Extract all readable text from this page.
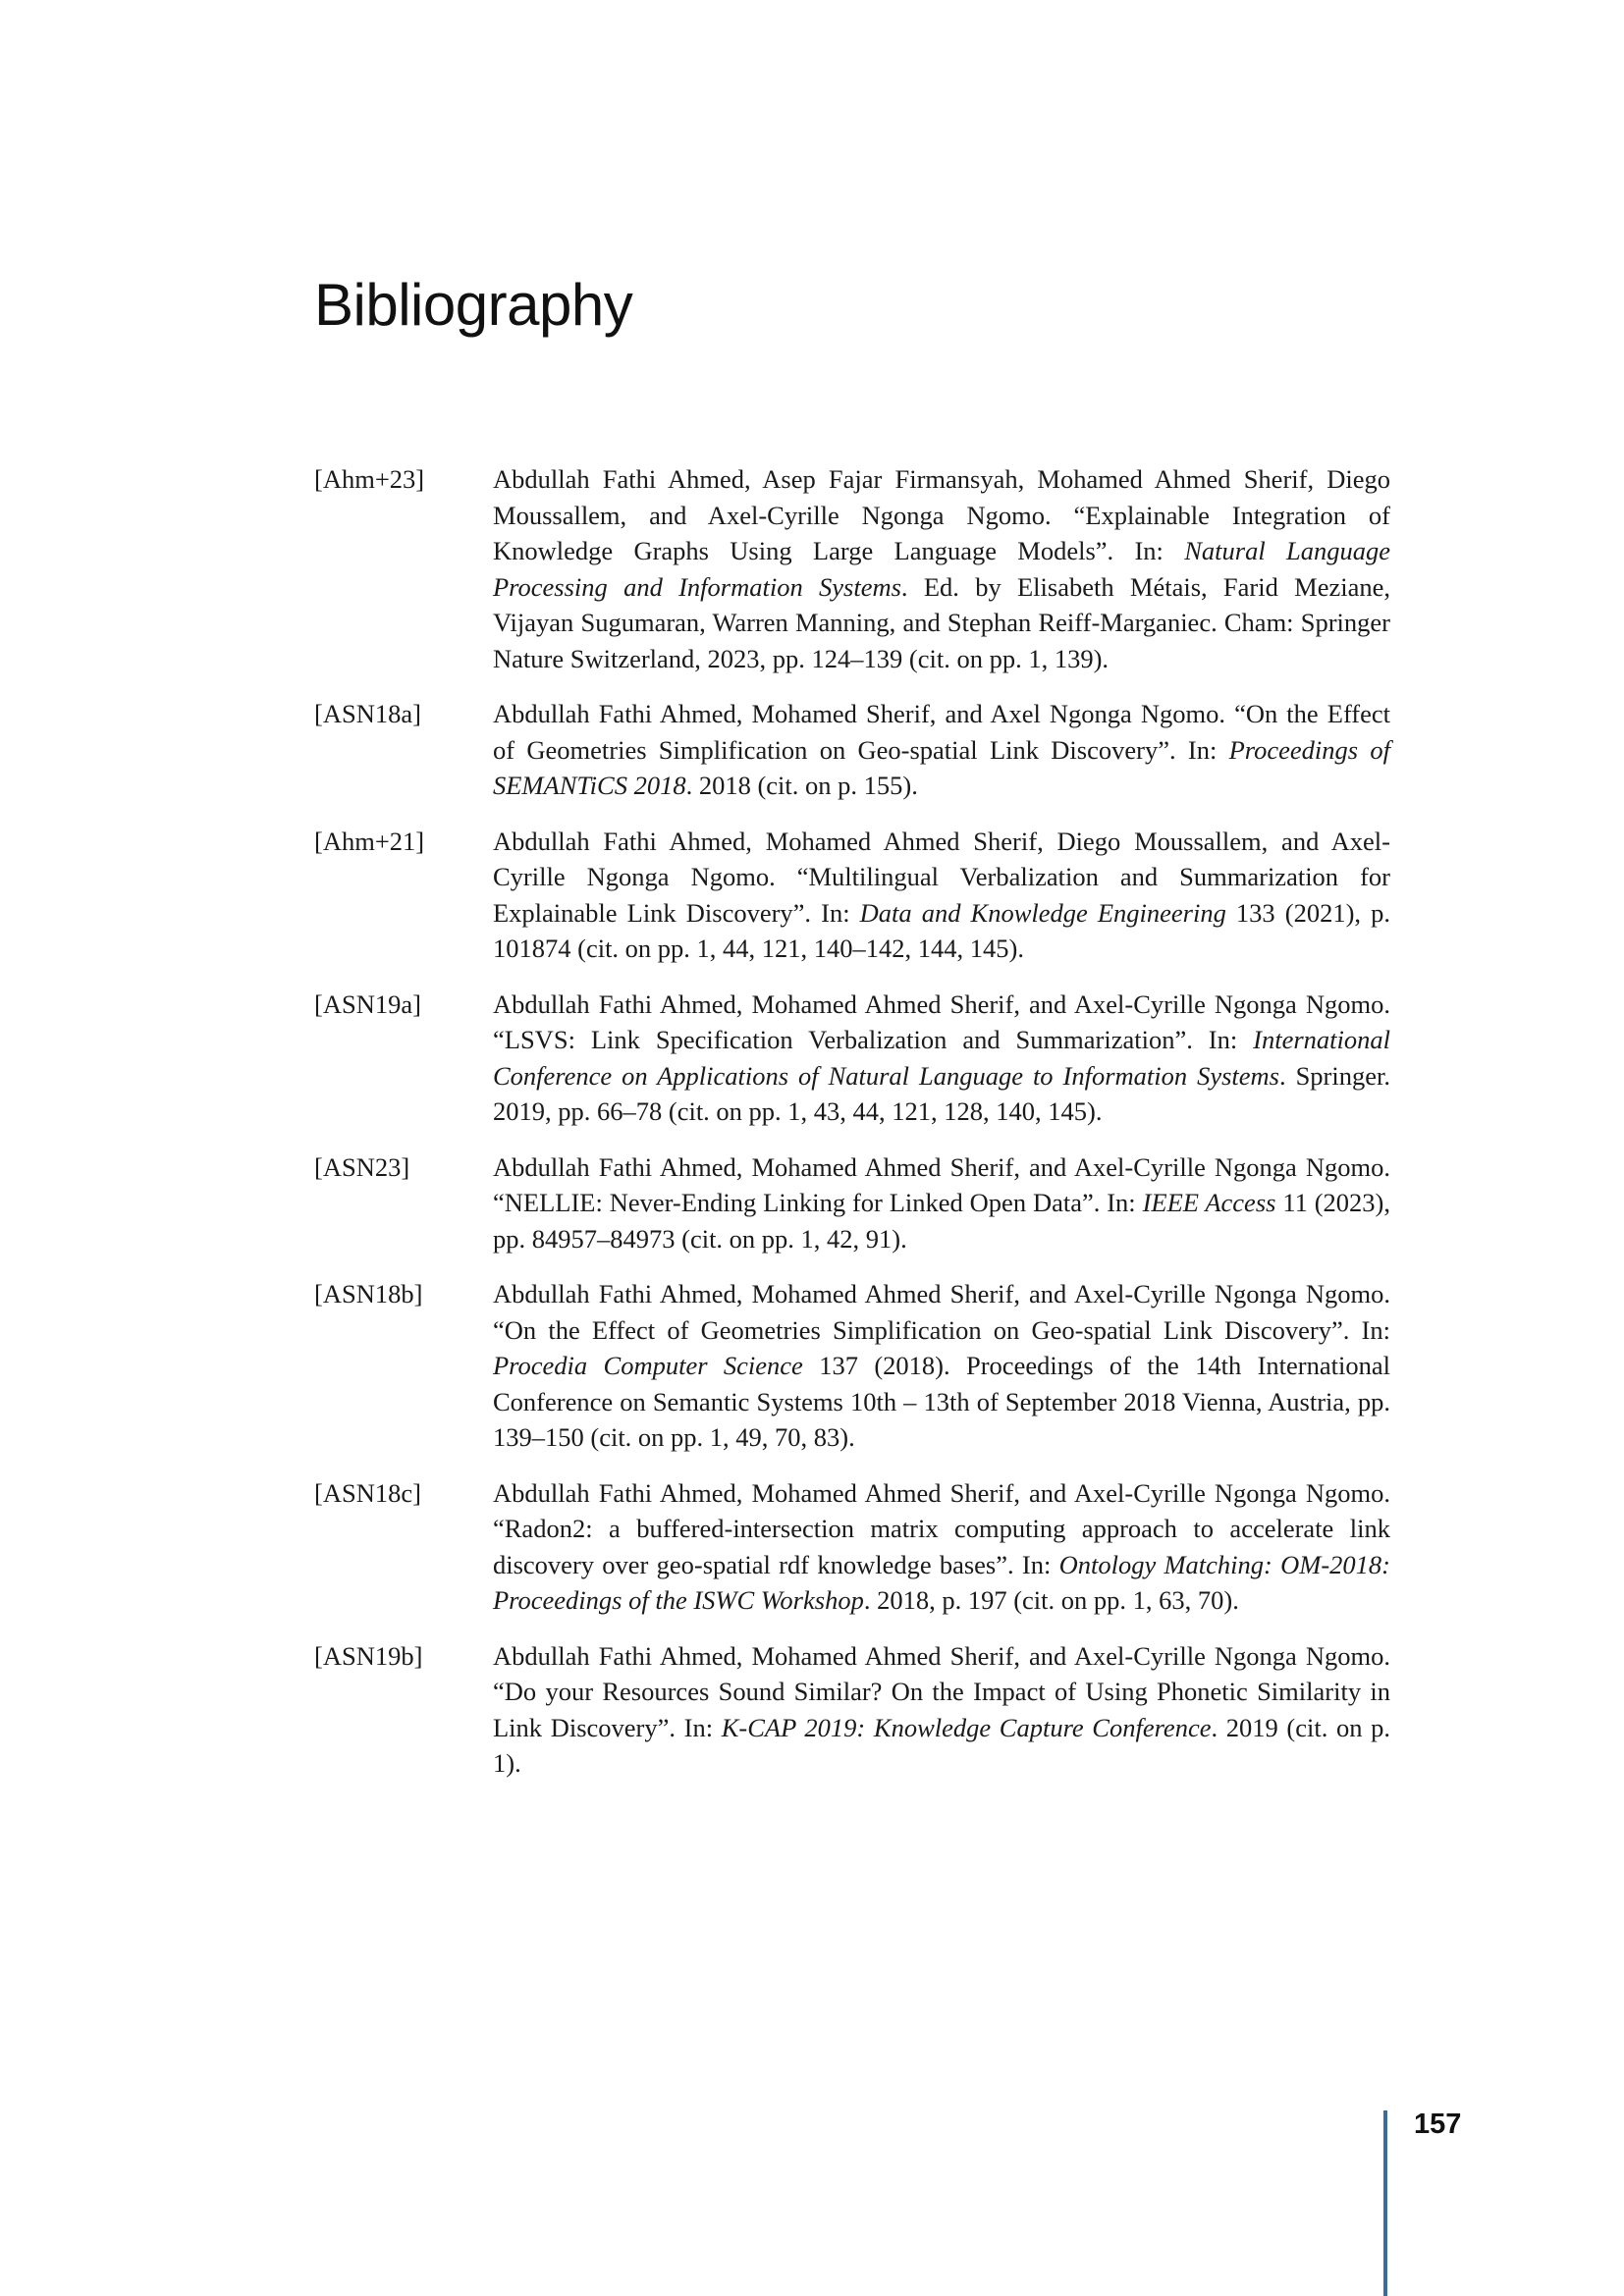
Bibliography
[Ahm+23]	Abdullah Fathi Ahmed, Asep Fajar Firmansyah, Mohamed Ahmed Sherif, Diego Moussallem, and Axel-Cyrille Ngonga Ngomo. “Explainable Integration of Knowledge Graphs Using Large Language Models”. In: Natural Language Processing and Information Systems. Ed. by Elisabeth Métais, Farid Meziane, Vijayan Sugumaran, Warren Manning, and Stephan Reiff-Marganiec. Cham: Springer Nature Switzerland, 2023, pp. 124–139 (cit. on pp. 1, 139).
[ASN18a]	Abdullah Fathi Ahmed, Mohamed Sherif, and Axel Ngonga Ngomo. “On the Effect of Geometries Simplification on Geo-spatial Link Discovery”. In: Proceedings of SEMANTiCS 2018. 2018 (cit. on p. 155).
[Ahm+21]	Abdullah Fathi Ahmed, Mohamed Ahmed Sherif, Diego Moussallem, and Axel-Cyrille Ngonga Ngomo. “Multilingual Verbalization and Summarization for Explainable Link Discovery”. In: Data and Knowledge Engineering 133 (2021), p. 101874 (cit. on pp. 1, 44, 121, 140–142, 144, 145).
[ASN19a]	Abdullah Fathi Ahmed, Mohamed Ahmed Sherif, and Axel-Cyrille Ngonga Ngomo. “LSVS: Link Specification Verbalization and Summarization”. In: International Conference on Applications of Natural Language to Information Systems. Springer. 2019, pp. 66–78 (cit. on pp. 1, 43, 44, 121, 128, 140, 145).
[ASN23]	Abdullah Fathi Ahmed, Mohamed Ahmed Sherif, and Axel-Cyrille Ngonga Ngomo. “NELLIE: Never-Ending Linking for Linked Open Data”. In: IEEE Access 11 (2023), pp. 84957–84973 (cit. on pp. 1, 42, 91).
[ASN18b]	Abdullah Fathi Ahmed, Mohamed Ahmed Sherif, and Axel-Cyrille Ngonga Ngomo. “On the Effect of Geometries Simplification on Geo-spatial Link Discovery”. In: Procedia Computer Science 137 (2018). Proceedings of the 14th International Conference on Semantic Systems 10th – 13th of September 2018 Vienna, Austria, pp. 139–150 (cit. on pp. 1, 49, 70, 83).
[ASN18c]	Abdullah Fathi Ahmed, Mohamed Ahmed Sherif, and Axel-Cyrille Ngonga Ngomo. “Radon2: a buffered-intersection matrix computing approach to accelerate link discovery over geo-spatial rdf knowledge bases”. In: Ontology Matching: OM-2018: Proceedings of the ISWC Workshop. 2018, p. 197 (cit. on pp. 1, 63, 70).
[ASN19b]	Abdullah Fathi Ahmed, Mohamed Ahmed Sherif, and Axel-Cyrille Ngonga Ngomo. “Do your Resources Sound Similar? On the Impact of Using Phonetic Similarity in Link Discovery”. In: K-CAP 2019: Knowledge Capture Conference. 2019 (cit. on p. 1).
157
